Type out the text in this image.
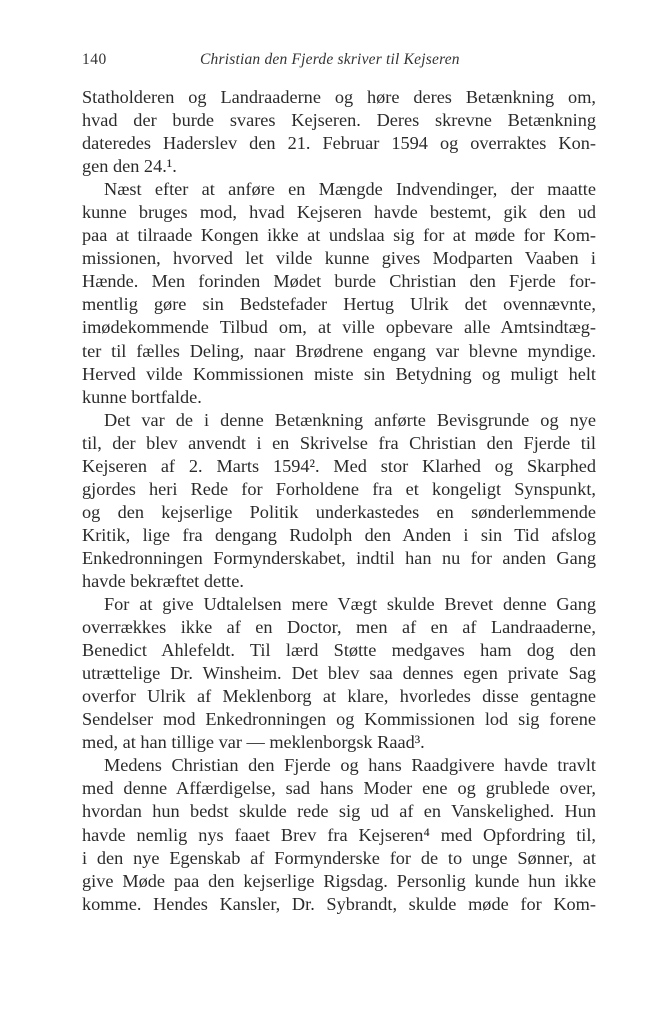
140	Christian den Fjerde skriver til Kejseren

Statholderen og Landraaderne og høre deres Betænkning om,
hvad der burde svares Kejseren. Deres skrevne Betænkning
dateredes Haderslev den 21. Februar 1594 og overraktes Kon-
gen den 24.¹.

Næst efter at anføre en Mængde Indvendinger, der maatte
kunne bruges mod, hvad Kejseren havde bestemt, gik den ud
paa at tilraade Kongen ikke at undslaa sig for at møde for Kom-
missionen, hvorved let vilde kunne gives Modparten Vaaben i
Hænde. Men forinden Mødet burde Christian den Fjerde for-
mentlig gøre sin Bedstefader Hertug Ulrik det ovennævnte,
imødekommende Tilbud om, at ville opbevare alle Amtsindtæg-
ter til fælles Deling, naar Brødrene engang var blevne myndige.
Herved vilde Kommissionen miste sin Betydning og muligt helt
kunne bortfalde.

Det var de i denne Betænkning anførte Bevisgrunde og nye
til, der blev anvendt i en Skrivelse fra Christian den Fjerde til
Kejseren af 2. Marts 1594². Med stor Klarhed og Skarphed
gjordes heri Rede for Forholdene fra et kongeligt Synspunkt,
og den kejserlige Politik underkastedes en sønderlemmende
Kritik, lige fra dengang Rudolph den Anden i sin Tid afslog
Enkedronningen Formynderskabet, indtil han nu for anden Gang
havde bekræftet dette.

For at give Udtalelsen mere Vægt skulde Brevet denne Gang
overrækkes ikke af en Doctor, men af en af Landraaderne,
Benedict Ahlefeldt. Til lærd Støtte medgaves ham dog den
utrættelige Dr. Winsheim. Det blev saa dennes egen private Sag
overfor Ulrik af Meklenborg at klare, hvorledes disse gentagne
Sendelser mod Enkedronningen og Kommissionen lod sig forene
med, at han tillige var — meklenborgsk Raad³.

Medens Christian den Fjerde og hans Raadgivere havde travlt
med denne Affærdigelse, sad hans Moder ene og grublede over,
hvordan hun bedst skulde rede sig ud af en Vanskelighed. Hun
havde nemlig nys faaet Brev fra Kejseren⁴ med Opfordring til,
i den nye Egenskab af Formynderske for de to unge Sønner, at
give Møde paa den kejserlige Rigsdag. Personlig kunde hun ikke
komme. Hendes Kansler, Dr. Sybrandt, skulde møde for Kom-
